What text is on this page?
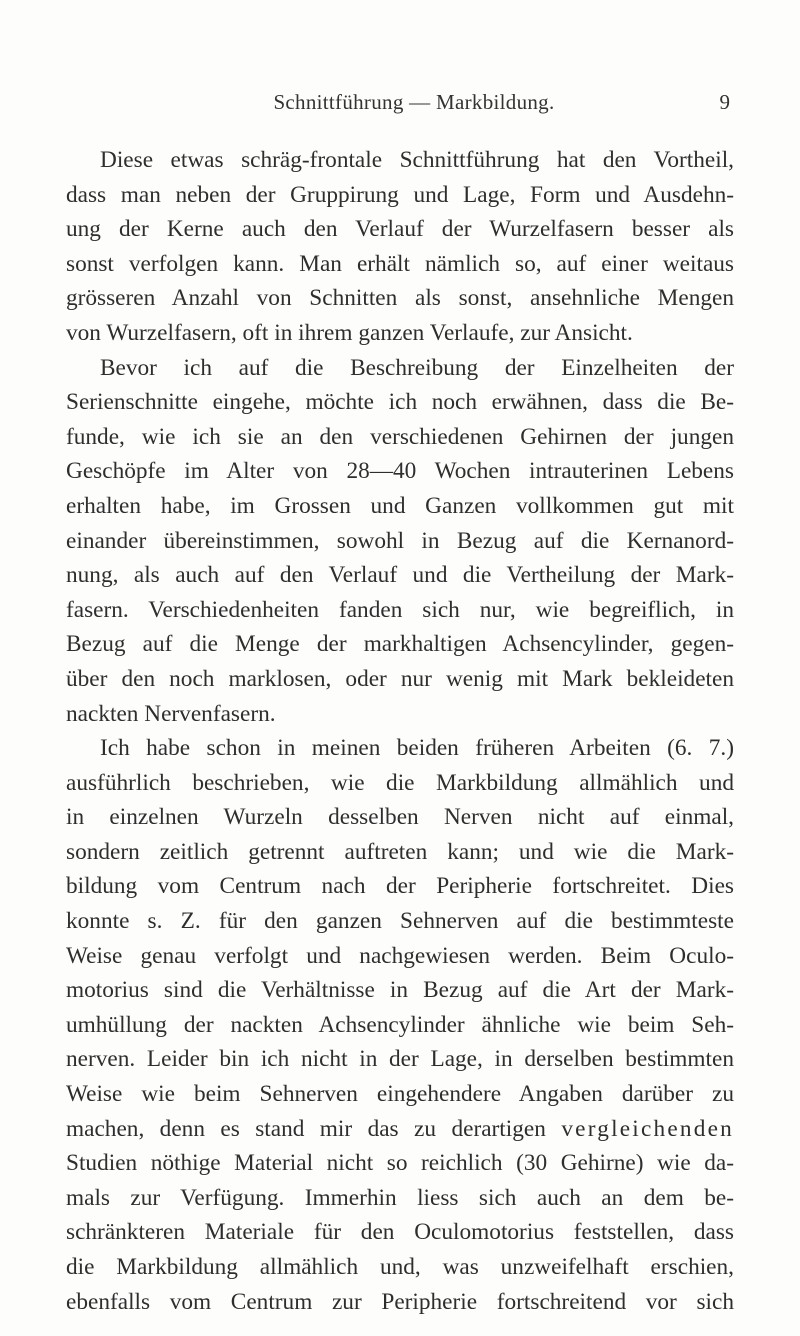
Schnittführung — Markbildung.	9
Diese etwas schräg-frontale Schnittführung hat den Vortheil,
dass man neben der Gruppirung und Lage, Form und Ausdehn-
ung der Kerne auch den Verlauf der Wurzelfasern besser als
sonst verfolgen kann. Man erhält nämlich so, auf einer weitaus
grösseren Anzahl von Schnitten als sonst, ansehnliche Mengen
von Wurzelfasern, oft in ihrem ganzen Verlaufe, zur Ansicht.
Bevor ich auf die Beschreibung der Einzelheiten der
Serienschnitte eingehe, möchte ich noch erwähnen, dass die Be-
funde, wie ich sie an den verschiedenen Gehirnen der jungen
Geschöpfe im Alter von 28—40 Wochen intrauterinen Lebens
erhalten habe, im Grossen und Ganzen vollkommen gut mit
einander übereinstimmen, sowohl in Bezug auf die Kernanord-
nung, als auch auf den Verlauf und die Vertheilung der Mark-
fasern. Verschiedenheiten fanden sich nur, wie begreiflich, in
Bezug auf die Menge der markhaltigen Achsencylinder, gegen-
über den noch marklosen, oder nur wenig mit Mark bekleideten
nackten Nervenfasern.
Ich habe schon in meinen beiden früheren Arbeiten (6. 7.)
ausführlich beschrieben, wie die Markbildung allmählich und
in einzelnen Wurzeln desselben Nerven nicht auf einmal,
sondern zeitlich getrennt auftreten kann; und wie die Mark-
bildung vom Centrum nach der Peripherie fortschreitet. Dies
konnte s. Z. für den ganzen Sehnerven auf die bestimmteste
Weise genau verfolgt und nachgewiesen werden. Beim Oculo-
motorius sind die Verhältnisse in Bezug auf die Art der Mark-
umhüllung der nackten Achsencylinder ähnliche wie beim Seh-
nerven. Leider bin ich nicht in der Lage, in derselben bestimmten
Weise wie beim Sehnerven eingehendere Angaben darüber zu
machen, denn es stand mir das zu derartigen vergleichenden
Studien nöthige Material nicht so reichlich (30 Gehirne) wie da-
mals zur Verfügung. Immerhin liess sich auch an dem be-
schränkteren Materiale für den Oculomotorius feststellen, dass
die Markbildung allmählich und, was unzweifelhaft erschien,
ebenfalls vom Centrum zur Peripherie fortschreitend vor sich
